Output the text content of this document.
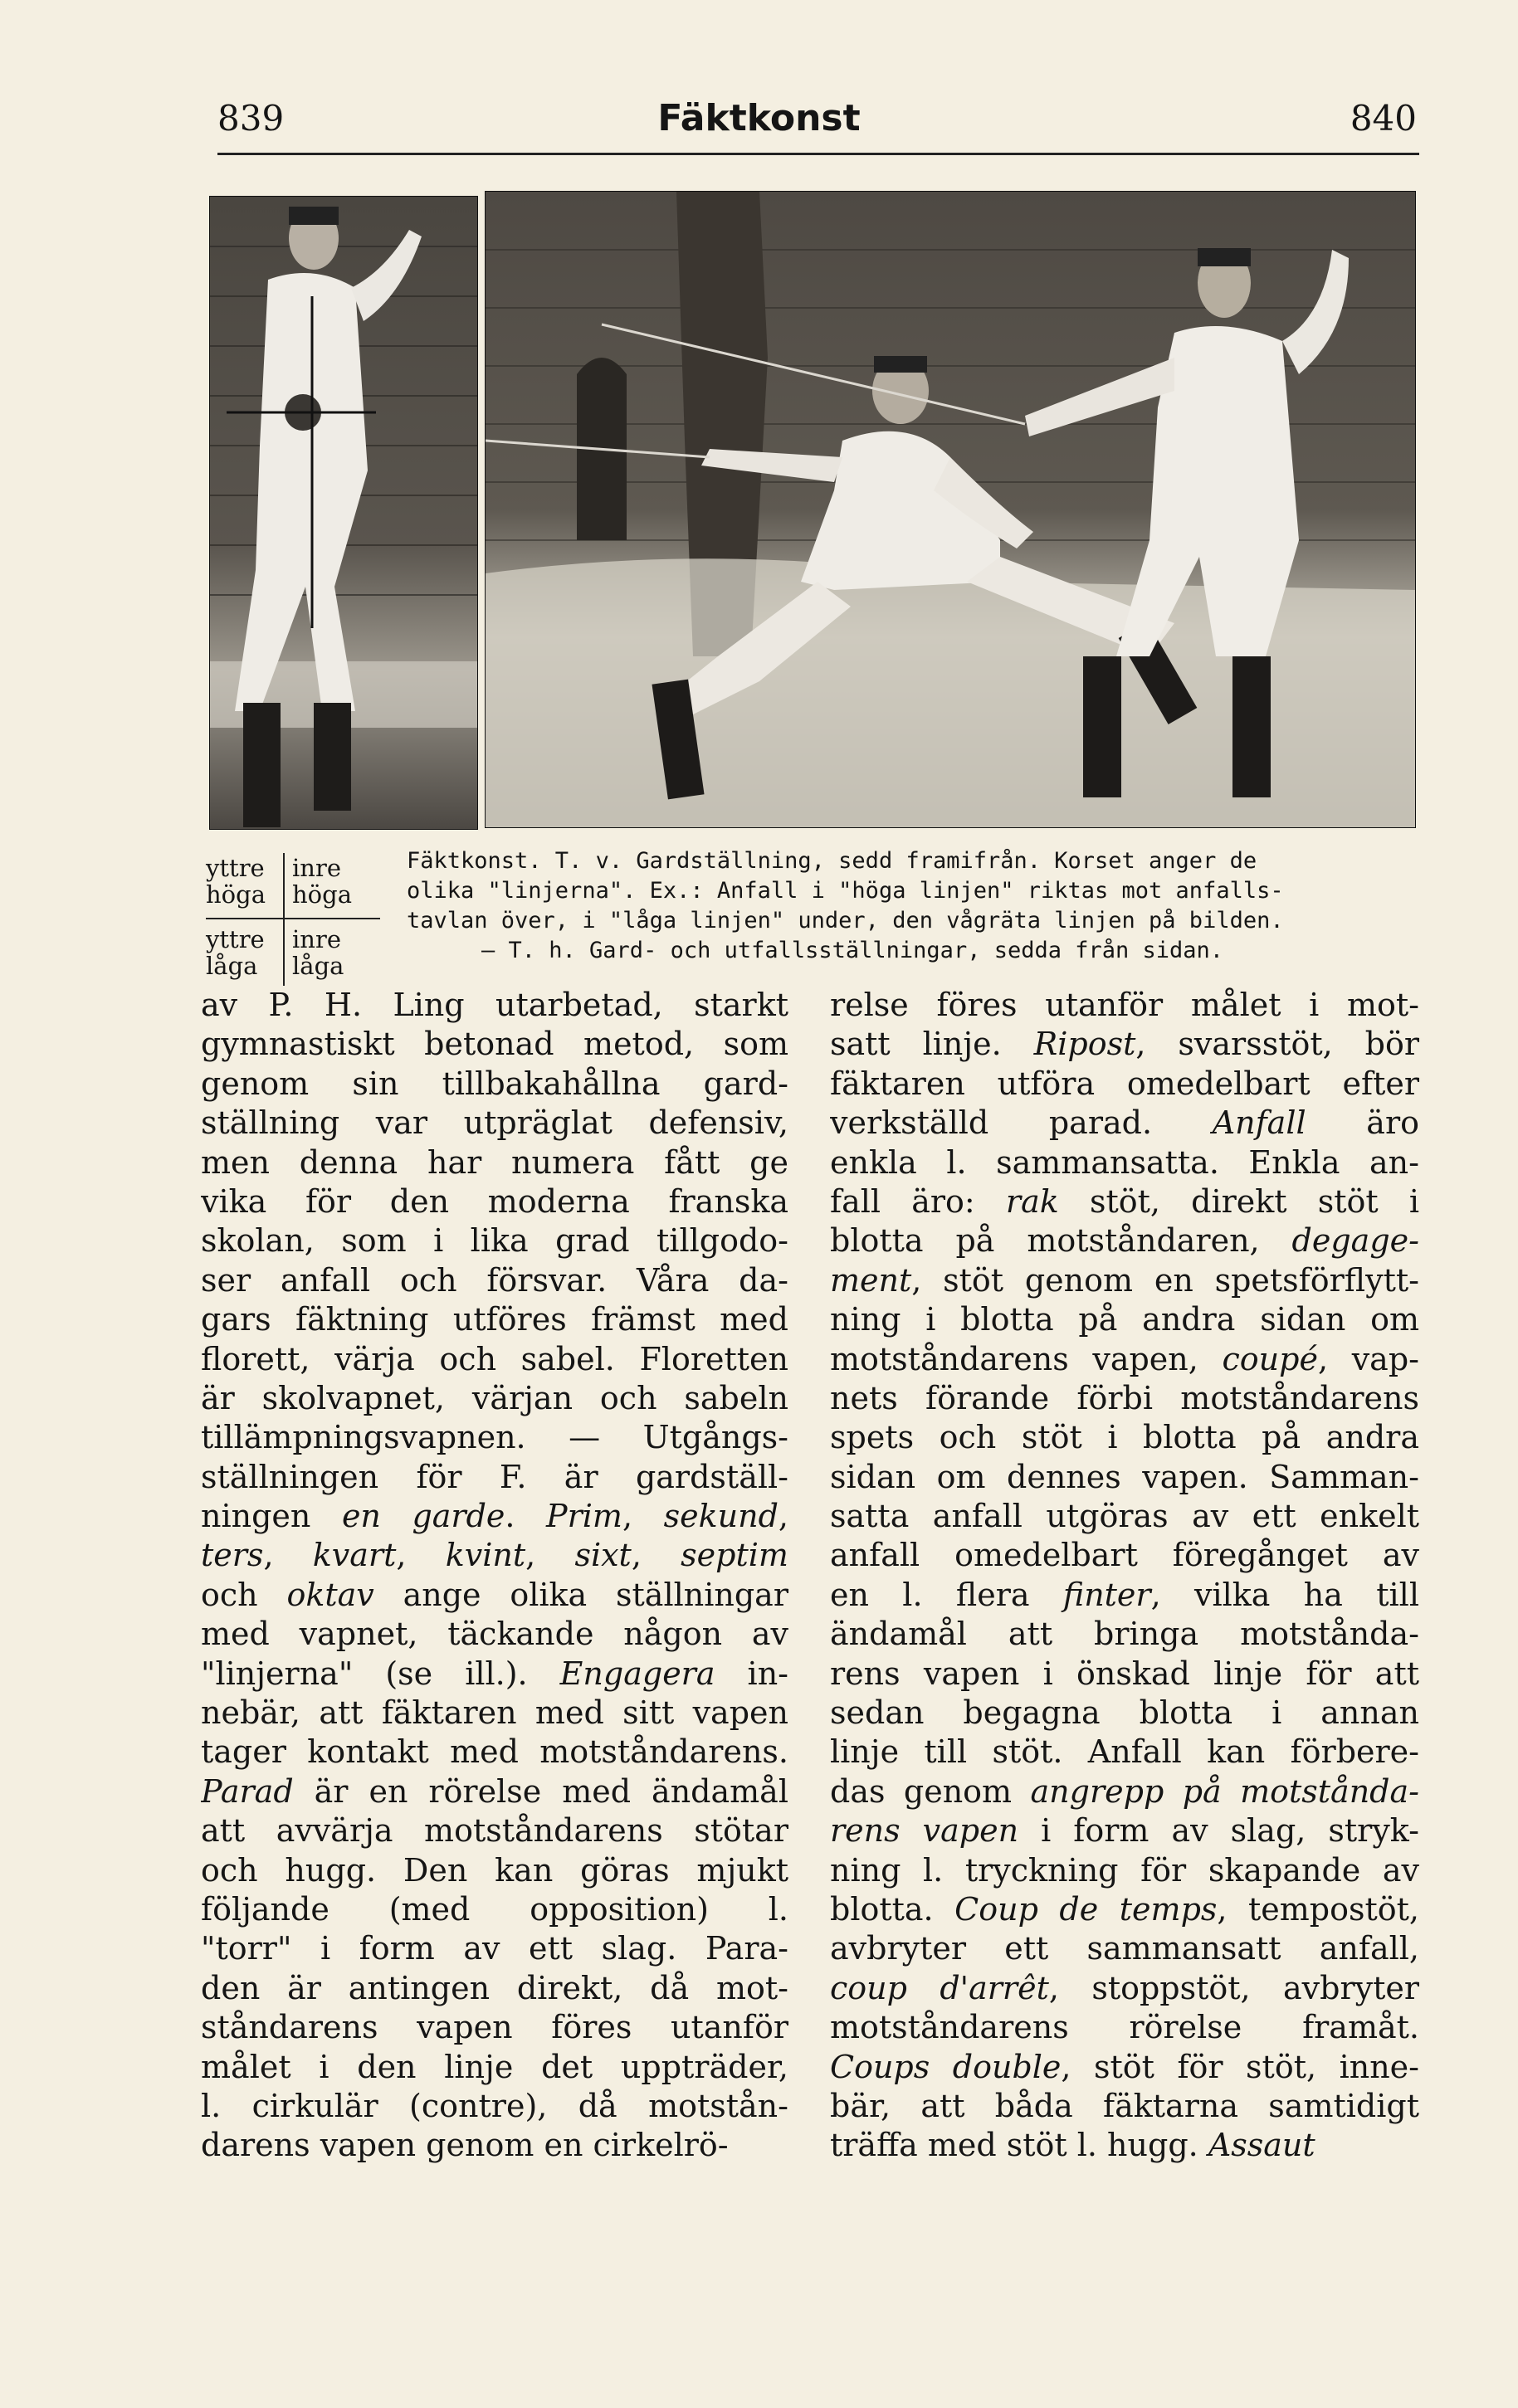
839	Fäktkonst	840
yttre
höga
inre
höga
yttre
låga
inre
låga
Fäktkonst. T. v. Gardställning, sedd framifrån. Korset anger de
olika "linjerna". Ex.: Anfall i "höga linjen" riktas mot anfalls-
tavlan över, i "låga linjen" under, den vågräta linjen på bilden.
— T. h. Gard- och utfallsställningar, sedda från sidan.
av P. H. Ling utarbetad, starkt
gymnastiskt betonad metod, som
genom sin tillbakahållna gard-
ställning var utpräglat defensiv,
men denna har numera fått ge
vika för den moderna franska
skolan, som i lika grad tillgodo-
ser anfall och försvar. Våra da-
gars fäktning utföres främst med
florett, värja och sabel. Floretten
är skolvapnet, värjan och sabeln
tillämpningsvapnen. — Utgångs-
ställningen för F. är gardställ-
ningen en garde. Prim, sekund,
ters, kvart, kvint, sixt, septim
och oktav ange olika ställningar
med vapnet, täckande någon av
"linjerna" (se ill.). Engagera in-
nebär, att fäktaren med sitt vapen
tager kontakt med motståndarens.
Parad är en rörelse med ändamål
att avvärja motståndarens stötar
och hugg. Den kan göras mjukt
följande (med opposition) l.
"torr" i form av ett slag. Para-
den är antingen direkt, då mot-
ståndarens vapen föres utanför
målet i den linje det uppträder,
l. cirkulär (contre), då motstån-
darens vapen genom en cirkelrö-
relse föres utanför målet i mot-
satt linje. Ripost, svarsstöt, bör
fäktaren utföra omedelbart efter
verkställd parad. Anfall äro
enkla l. sammansatta. Enkla an-
fall äro: rak stöt, direkt stöt i
blotta på motståndaren, degage-
ment, stöt genom en spetsförflytt-
ning i blotta på andra sidan om
motståndarens vapen, coupé, vap-
nets förande förbi motståndarens
spets och stöt i blotta på andra
sidan om dennes vapen. Samman-
satta anfall utgöras av ett enkelt
anfall omedelbart föregånget av
en l. flera finter, vilka ha till
ändamål att bringa motstånda-
rens vapen i önskad linje för att
sedan begagna blotta i annan
linje till stöt. Anfall kan förbere-
das genom angrepp på motstånda-
rens vapen i form av slag, stryk-
ning l. tryckning för skapande av
blotta. Coup de temps, tempostöt,
avbryter ett sammansatt anfall,
coup d'arrêt, stoppstöt, avbryter
motståndarens rörelse framåt.
Coups double, stöt för stöt, inne-
bär, att båda fäktarna samtidigt
träffa med stöt l. hugg. Assaut
